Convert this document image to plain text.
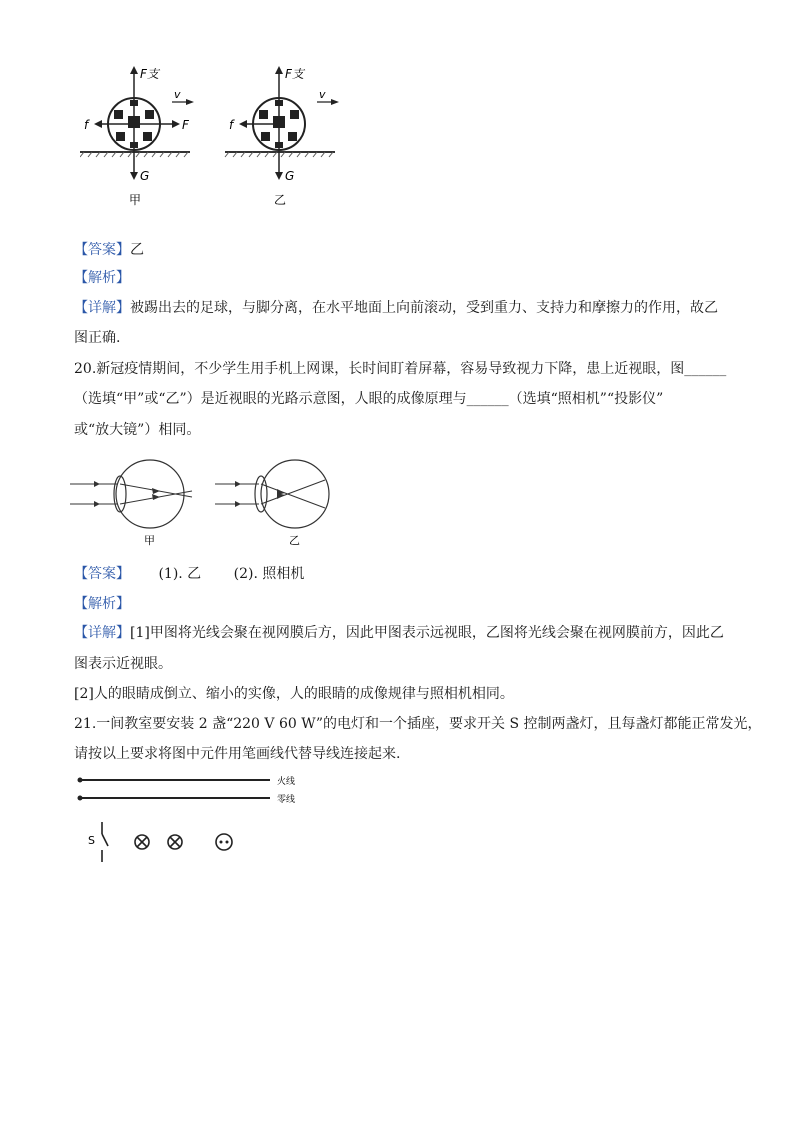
F支
v
f	F
G
甲
F支
v
f
G
乙
【答案】乙
【解析】
【详解】被踢出去的足球，与脚分离，在水平地面上向前滚动，受到重力、支持力和摩擦力的作用，故乙
图正确.
20.新冠疫情期间，不少学生用手机上网课，长时间盯着屏幕，容易导致视力下降，患上近视眼，图______
（选填“甲”或“乙”）是近视眼的光路示意图，人眼的成像原理与______（选填“照相机”“投影仪”
或“放大镜”）相同。
甲	乙
【答案】 (1). 乙 (2). 照相机
【解析】
【详解】[1]甲图将光线会聚在视网膜后方，因此甲图表示远视眼，乙图将光线会聚在视网膜前方，因此乙
图表示近视眼。
[2]人的眼睛成倒立、缩小的实像，人的眼睛的成像规律与照相机相同。
21.一间教室要安装 2 盏“220 V 60 W”的电灯和一个插座，要求开关 S 控制两盏灯，且每盏灯都能正常发光，
请按以上要求将图中元件用笔画线代替导线连接起来.
火线
零线
S
